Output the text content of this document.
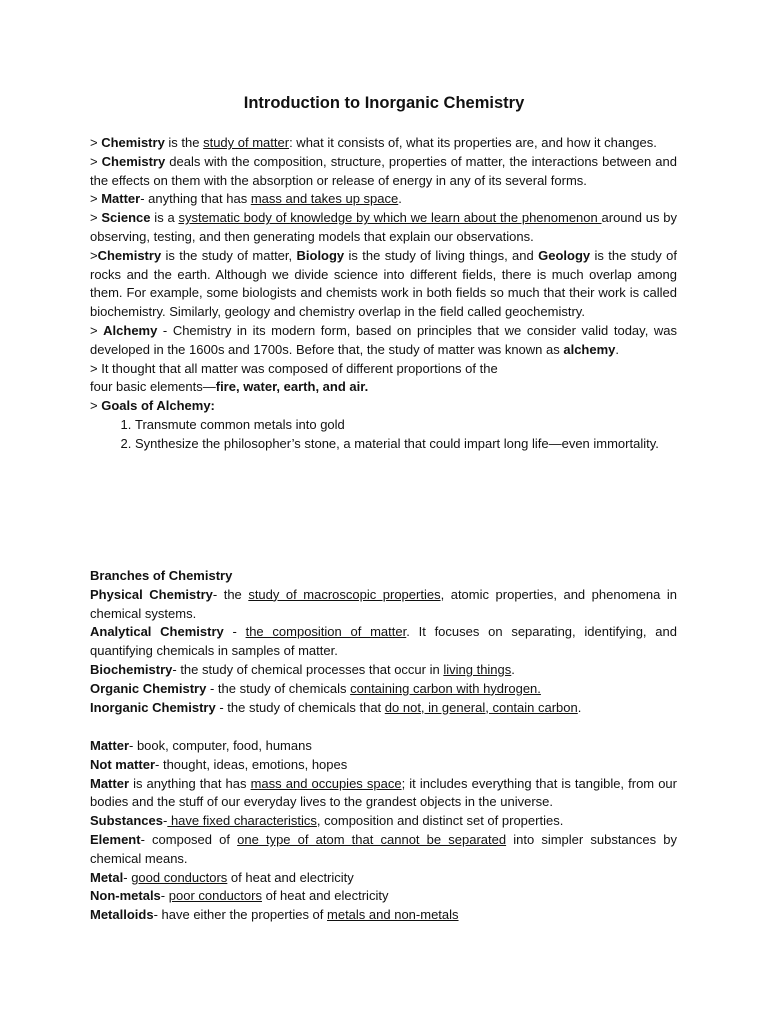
Introduction to Inorganic Chemistry

> Chemistry is the study of matter: what it consists of, what its properties are, and how it changes.

> Chemistry deals with the composition, structure, properties of matter, the interactions between and the effects on them with the absorption or release of energy in any of its several forms.

> Matter- anything that has mass and takes up space.

> Science is a systematic body of knowledge by which we learn about the phenomenon around us by observing, testing, and then generating models that explain our observations.

>Chemistry is the study of matter, Biology is the study of living things, and Geology is the study of rocks and the earth. Although we divide science into different fields, there is much overlap among them. For example, some biologists and chemists work in both fields so much that their work is called biochemistry. Similarly, geology and chemistry overlap in the field called geochemistry.

> Alchemy - Chemistry in its modern form, based on principles that we consider valid today, was developed in the 1600s and 1700s. Before that, the study of matter was known as alchemy.

> It thought that all matter was composed of different proportions of the
four basic elements—fire, water, earth, and air.

> Goals of Alchemy:

1. Transmute common metals into gold
2. Synthesize the philosopher’s stone, a material that could impart long life—even immortality.

Branches of Chemistry

Physical Chemistry- the study of macroscopic properties, atomic properties, and phenomena in chemical systems.

Analytical Chemistry - the composition of matter. It focuses on separating, identifying, and quantifying chemicals in samples of matter.

Biochemistry- the study of chemical processes that occur in living things.

Organic Chemistry - the study of chemicals containing carbon with hydrogen.

Inorganic Chemistry - the study of chemicals that do not, in general, contain carbon.

Matter- book, computer, food, humans

Not matter- thought, ideas, emotions, hopes

Matter is anything that has mass and occupies space; it includes everything that is tangible, from our bodies and the stuff of our everyday lives to the grandest objects in the universe.

Substances- have fixed characteristics, composition and distinct set of properties.

Element- composed of one type of atom that cannot be separated into simpler substances by chemical means.

Metal- good conductors of heat and electricity

Non-metals- poor conductors of heat and electricity

Metalloids- have either the properties of metals and non-metals
